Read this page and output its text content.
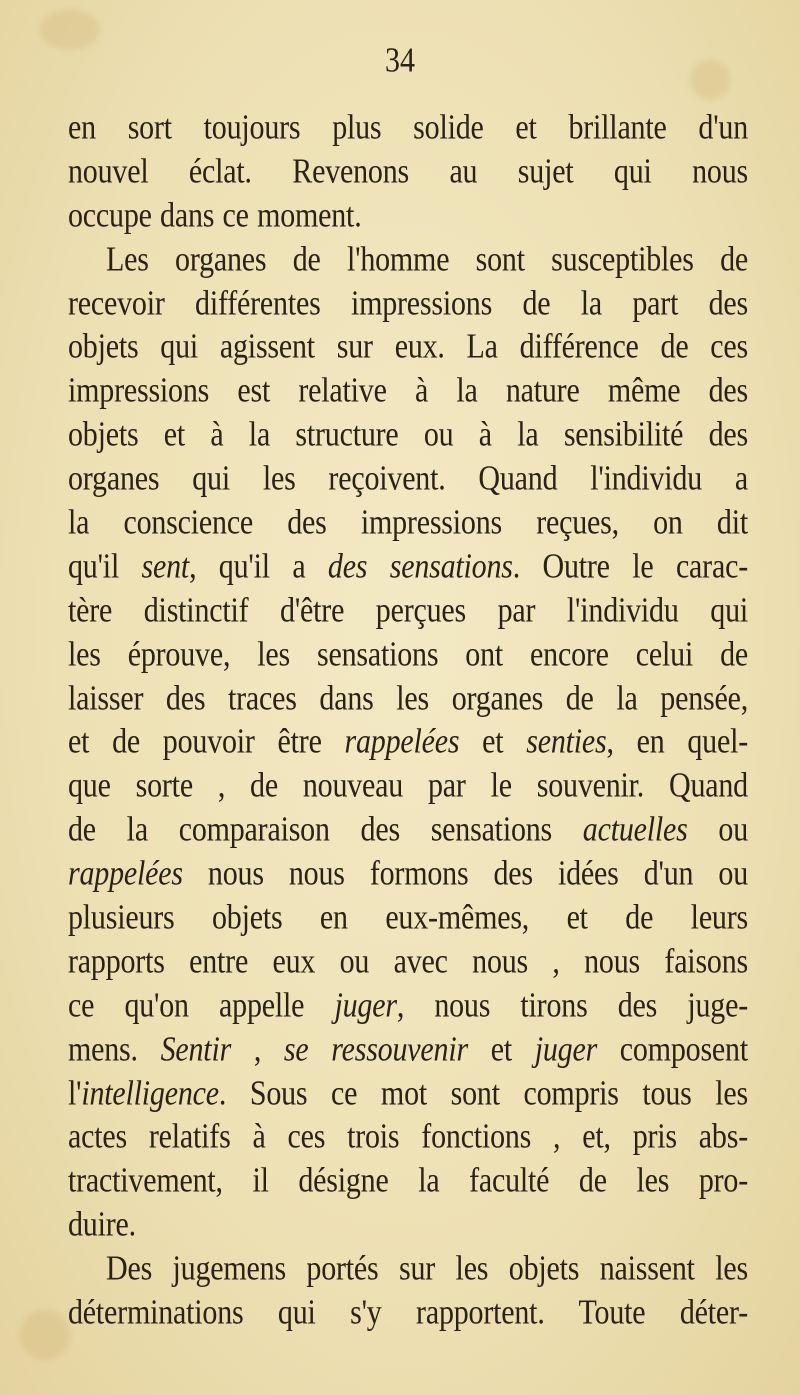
34
en sort toujours plus solide et brillante d'un
nouvel éclat. Revenons au sujet qui nous
occupe dans ce moment.
Les organes de l'homme sont susceptibles de
recevoir différentes impressions de la part des
objets qui agissent sur eux. La différence de ces
impressions est relative à la nature même des
objets et à la structure ou à la sensibilité des
organes qui les reçoivent. Quand l'individu a
la conscience des impressions reçues, on dit
qu'il sent, qu'il a des sensations. Outre le carac-
tère distinctif d'être perçues par l'individu qui
les éprouve, les sensations ont encore celui de
laisser des traces dans les organes de la pensée,
et de pouvoir être rappelées et senties, en quel-
que sorte , de nouveau par le souvenir. Quand
de la comparaison des sensations actuelles ou
rappelées nous nous formons des idées d'un ou
plusieurs objets en eux-mêmes, et de leurs
rapports entre eux ou avec nous , nous faisons
ce qu'on appelle juger, nous tirons des juge-
mens. Sentir , se ressouvenir et juger composent
l'intelligence. Sous ce mot sont compris tous les
actes relatifs à ces trois fonctions , et, pris abs-
tractivement, il désigne la faculté de les pro-
duire.
Des jugemens portés sur les objets naissent les
déterminations qui s'y rapportent. Toute déter-
